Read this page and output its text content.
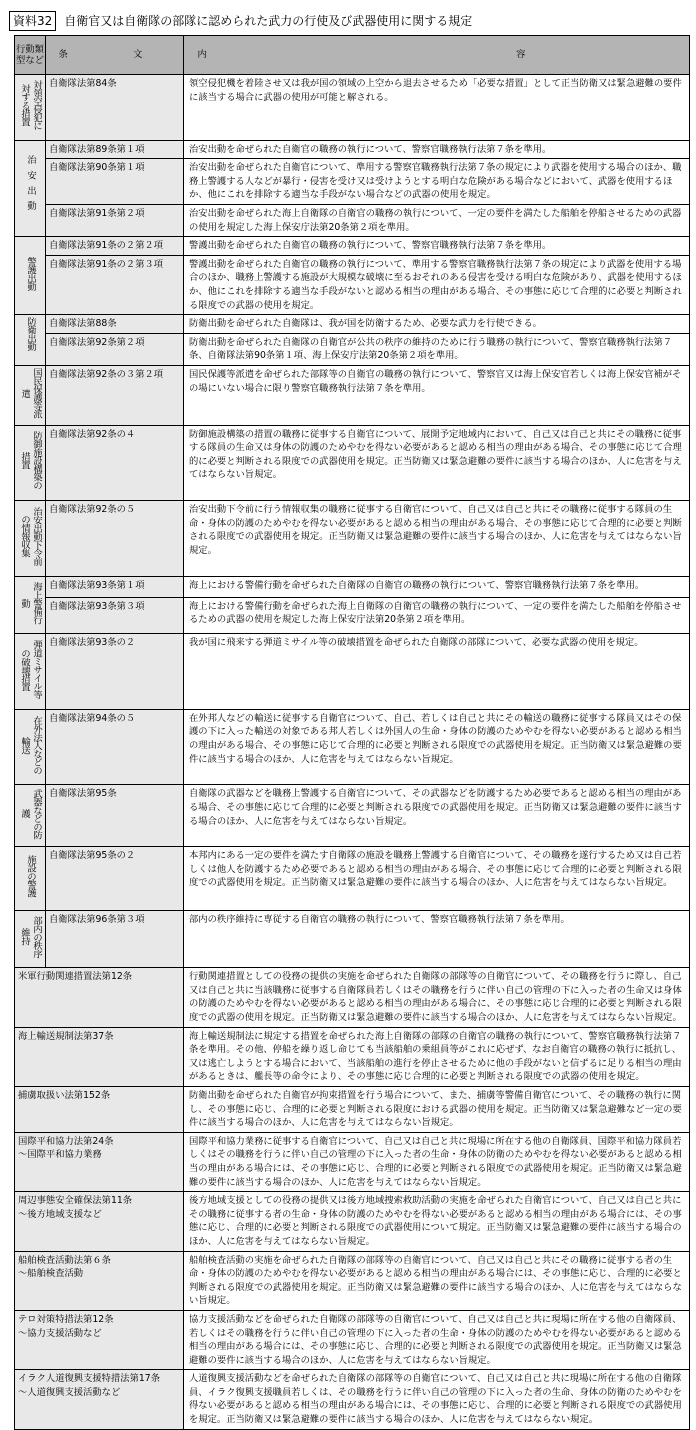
資料32	自衛官又は自衛隊の部隊に認められた武力の行使及び武器使用に関する規定
行動類型など	条　文	内　容
対領空侵犯に対する措置	自衛隊法第84条	領空侵犯機を着陸させ又は我が国の領域の上空から退去させるため「必要な措置」として正当防衛又は緊急避難の要件に該当する場合に武器の使用が可能と解される。
治安出動	自衛隊法第89条第１項	治安出動を命ぜられた自衛官の職務の執行について、警察官職務執行法第７条を準用。
	自衛隊法第90条第１項	治安出動を命ぜられた自衛官について、準用する警察官職務執行法第７条の規定により武器を使用する場合のほか、職務上警護する人などが暴行・侵害を受け又は受けようとする明白な危険がある場合などにおいて、武器を使用するほか、他にこれを排除する適当な手段がない場合などの武器の使用を規定。
	自衛隊法第91条第２項	治安出動を命ぜられた海上自衛隊の自衛官の職務の執行について、一定の要件を満たした船舶を停船させるための武器の使用を規定した海上保安庁法第20条第２項を準用。
警護出動	自衛隊法第91条の２第２項	警護出動を命ぜられた自衛官の職務の執行について、警察官職務執行法第７条を準用。
	自衛隊法第91条の２第３項	警護出動を命ぜられた自衛官の職務の執行について、準用する警察官職務執行法第７条の規定により武器を使用する場合のほか、職務上警護する施設が大規模な破壊に至るおそれのある侵害を受ける明白な危険があり、武器を使用するほか、他にこれを排除する適当な手段がないと認める相当の理由がある場合、その事態に応じて合理的に必要と判断される限度での武器の使用を規定。
防衛出動	自衛隊法第88条	防衛出動を命ぜられた自衛隊は、我が国を防衛するため、必要な武力を行使できる。
	自衛隊法第92条第２項	防衛出動を命ぜられた自衛隊の自衛官が公共の秩序の維持のために行う職務の執行について、警察官職務執行法第７条、自衛隊法第90条第１項、海上保安庁法第20条第２項を準用。
国民保護等派遣	自衛隊法第92条の３第２項	国民保護等派遣を命ぜられた部隊等の自衛官の職務の執行について、警察官又は海上保安官若しくは海上保安官補がその場にいない場合に限り警察官職務執行法第７条を準用。
防御施設構築の措置	自衛隊法第92条の４	防御施設構築の措置の職務に従事する自衛官について、展開予定地域内において、自己又は自己と共にその職務に従事する隊員の生命又は身体の防護のためやむを得ない必要があると認める相当の理由がある場合、その事態に応じて合理的に必要と判断される限度での武器使用を規定。正当防衛又は緊急避難の要件に該当する場合のほか、人に危害を与えてはならない旨規定。
治安出動下令前の情報収集	自衛隊法第92条の５	治安出動下令前に行う情報収集の職務に従事する自衛官について、自己又は自己と共にその職務に従事する隊員の生命・身体の防護のためやむを得ない必要があると認める相当の理由がある場合、その事態に応じて合理的に必要と判断される限度での武器使用を規定。正当防衛又は緊急避難の要件に該当する場合のほか、人に危害を与えてはならない旨規定。
海上警備行動	自衛隊法第93条第１項	海上における警備行動を命ぜられた自衛隊の自衛官の職務の執行について、警察官職務執行法第７条を準用。
	自衛隊法第93条第３項	海上における警備行動を命ぜられた海上自衛隊の自衛官の職務の執行について、一定の要件を満たした船舶を停船させるための武器の使用を規定した海上保安庁法第20条第２項を準用。
弾道ミサイル等の破壊措置	自衛隊法第93条の２	我が国に飛来する弾道ミサイル等の破壊措置を命ぜられた自衛隊の部隊について、必要な武器の使用を規定。
在外法人などの輸送	自衛隊法第94条の５	在外邦人などの輸送に従事する自衛官について、自己、若しくは自己と共にその輸送の職務に従事する隊員又はその保護の下に入った輸送の対象である邦人若しくは外国人の生命・身体の防護のためやむを得ない必要があると認める相当の理由がある場合、その事態に応じて合理的に必要と判断される限度での武器使用を規定。正当防衛又は緊急避難の要件に該当する場合のほか、人に危害を与えてはならない旨規定。
武器などの防護	自衛隊法第95条	自衛隊の武器などを職務上警護する自衛官について、その武器などを防護するため必要であると認める相当の理由がある場合、その事態に応じて合理的に必要と判断される限度での武器使用を規定。正当防衛又は緊急避難の要件に該当する場合のほか、人に危害を与えてはならない旨規定。
施設の警護	自衛隊法第95条の２	本邦内にある一定の要件を満たす自衛隊の施設を職務上警護する自衛官について、その職務を遂行するため又は自己若しくは他人を防護するため必要であると認める相当の理由がある場合、その事態に応じて合理的に必要と判断される限度での武器使用を規定。正当防衛又は緊急避難の要件に該当する場合のほか、人に危害を与えてはならない旨規定。
部内の秩序維持	自衛隊法第96条第３項	部内の秩序維持に専従する自衛官の職務の執行について、警察官職務執行法第７条を準用。
米軍行動関連措置法第12条		行動関連措置としての役務の提供の実施を命ぜられた自衛隊の部隊等の自衛官について、その職務を行うに際し、自己又は自己と共に当該職務に従事する自衛隊員若しくはその職務を行うに伴い自己の管理の下に入った者の生命又は身体の防護のためやむを得ない必要があると認める相当の理由がある場合に、その事態に応じ合理的に必要と判断される限度での武器の使用を規定。正当防衛又は緊急避難の要件に該当する場合のほか、人に危害を与えてはならない旨規定。
海上輸送規制法第37条		海上輸送規制法に規定する措置を命ぜられた海上自衛隊の部隊の自衛官の職務の執行について、警察官職務執行法第７条を準用。その他、停船を繰り返し命じても当該船舶の乗組員等がこれに応ぜず、なお自衛官の職務の執行に抵抗し、又は逃亡しようとする場合において、当該船舶の進行を停止させるために他の手段がないと信ずるに足りる相当の理由があるときは、艦長等の命令により、その事態に応じ合理的に必要と判断される限度での武器の使用を規定。
捕虜取扱い法第152条		防衛出動を命ぜられた自衛官が拘束措置を行う場合について、また、捕虜等警備自衛官について、その職務の執行に関し、その事態に応じ、合理的に必要と判断される限度における武器の使用を規定。正当防衛又は緊急避難など一定の要件に該当する場合のほか、人に危害を与えてはならない旨規定。
国際平和協力法第24条
～国際平和協力業務		国際平和協力業務に従事する自衛官について、自己又は自己と共に現場に所在する他の自衛隊員、国際平和協力隊員若しくはその職務を行うに伴い自己の管理の下に入った者の生命・身体の防衛のためやむを得ない必要があると認める相当の理由がある場合には、その事態に応じ、合理的に必要と判断される限度での武器使用を規定。正当防衛又は緊急避難の要件に該当する場合のほか、人に危害を与えてはならない旨規定。
周辺事態安全確保法第11条
～後方地域支援など		後方地域支援としての役務の提供又は後方地域捜索救助活動の実施を命ぜられた自衛官について、自己又は自己と共にその職務に従事する者の生命・身体の防護のためやむを得ない必要があると認める相当の理由がある場合には、その事態に応じ、合理的に必要と判断される限度での武器使用について規定。正当防衛又は緊急避難の要件に該当する場合のほか、人に危害を与えてはならない旨規定。
船舶検査活動法第６条
～船舶検査活動		船舶検査活動の実施を命ぜられた自衛隊の部隊等の自衛官について、自己又は自己と共にその職務に従事する者の生命・身体の防護のためやむを得ない必要があると認める相当の理由がある場合には、その事態に応じ、合理的に必要と判断される限度での武器使用を規定。正当防衛又は緊急避難の要件に該当する場合のほか、人に危害を与えてはならない旨規定。
テロ対策特措法第12条
～協力支援活動など		協力支援活動などを命ぜられた自衛隊の部隊等の自衛官について、自己又は自己と共に現場に所在する他の自衛隊員、若しくはその職務を行うに伴い自己の管理の下に入った者の生命・身体の防護のためやむを得ない必要があると認める相当の理由がある場合には、その事態に応じ、合理的に必要と判断される限度での武器使用を規定。正当防衛又は緊急避難の要件に該当する場合のほか、人に危害を与えてはならない旨規定。
イラク人道復興支援特措法第17条
～人道復興支援活動など		人道復興支援活動などを命ぜられた自衛隊の部隊等の自衛官について、自己又は自己と共に現場に所在する他の自衛隊員、イラク復興支援職員若しくは、その職務を行うに伴い自己の管理の下に入った者の生命、身体の防衛のためやむを得ない必要があると認める相当の理由がある場合には、その事態に応じ、合理的に必要と判断される限度での武器使用を規定。正当防衛又は緊急避難の要件に該当する場合のほか、人に危害を与えてはならない規定。
